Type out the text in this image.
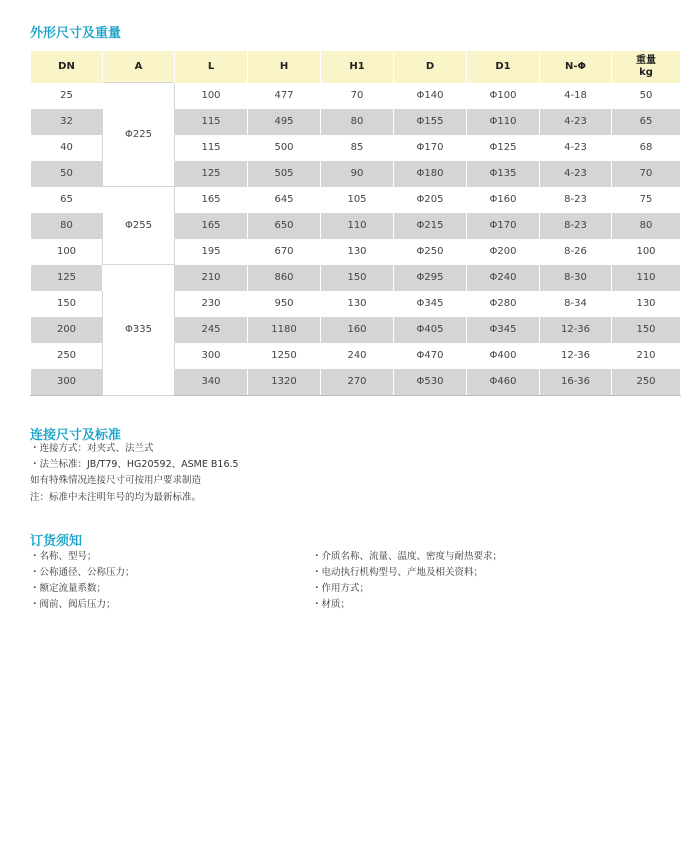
外形尺寸及重量
DN	A	L	H	H1	D	D1	N-Φ	重量
kg
25	Φ225	100	477	70	Φ140	Φ100	4-18	50
32		115	495	80	Φ155	Φ110	4-23	65
40		115	500	85	Φ170	Φ125	4-23	68
50		125	505	90	Φ180	Φ135	4-23	70
65	Φ255	165	645	105	Φ205	Φ160	8-23	75
80		165	650	110	Φ215	Φ170	8-23	80
100		195	670	130	Φ250	Φ200	8-26	100
125	Φ335	210	860	150	Φ295	Φ240	8-30	110
150		230	950	130	Φ345	Φ280	8-34	130
200		245	1180	160	Φ405	Φ345	12-36	150
250		300	1250	240	Φ470	Φ400	12-36	210
300		340	1320	270	Φ530	Φ460	16-36	250
连接尺寸及标准
・连接方式：对夹式、法兰式
・法兰标准：JB/T79、HG20592、ASME B16.5
如有特殊情况连接尺寸可按用户要求制造
注：标准中未注明年号的均为最新标准。
订货须知
・名称、型号；
・公称通径、公称压力；
・额定流量系数；
・阀前、阀后压力；
・介质名称、流量、温度、密度与耐热要求；
・电动执行机构型号、产地及相关资料；
・作用方式；
・材质；
